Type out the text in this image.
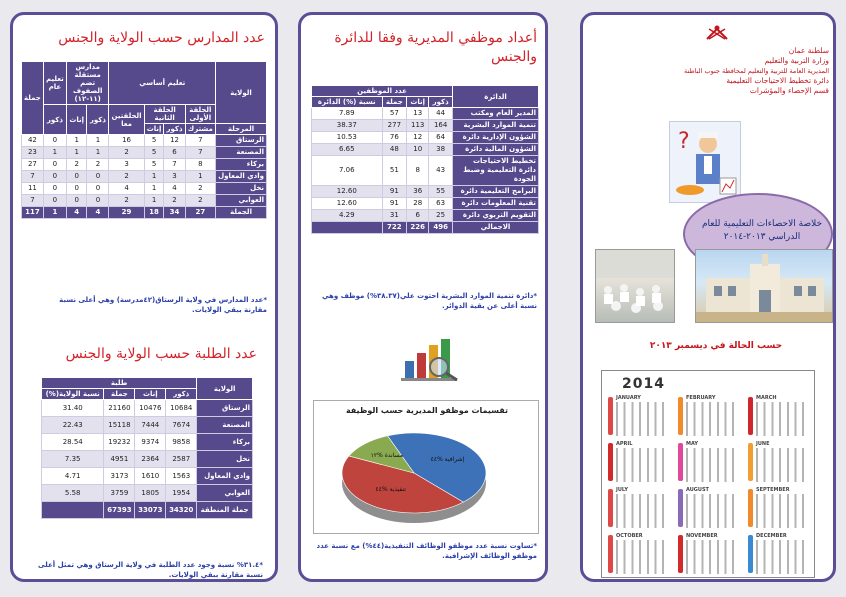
عدد المدارس حسب الولاية والجنس
الولاية	تعليم أساسي				مدارس مستقلة تضم الصفوف (١١-١٢)		تعليم عام	جملة
	الحلقة الأولى	الحلقة الثانية		الحلقتين معا	ذكور	إناث	ذكور	
المرحلة	مشترك	ذكور	إناث					
الرستاق	7	12	5	16	1	1	0	42
المصنعة	7	6	5	2	1	1	1	23
بركاء	8	7	5	3	2	2	0	27
وادي المعاول	1	3	1	2	0	0	0	7
نخل	2	4	1	4	0	0	0	11
العوابي	2	2	1	2	0	0	0	7
الجملة	27	34	18	29	4	4	1	117
*عدد المدارس في ولاية الرستاق(٤٢مدرسة) وهي أعلى نسبة مقارنة ببقي الولايات.
عدد الطلبة حسب الولاية والجنس
الولاية	طلبة			
	ذكور	إناث	جملة	نسبة الولاية(%)
الرستاق	10684	10476	21160	31.40
المصنعة	7674	7444	15118	22.43
بركاء	9858	9374	19232	28.54
نخل	2587	2364	4951	7.35
وادي المعاول	1563	1610	3173	4.71
العوابي	1954	1805	3759	5.58
جملة المنطقة	34320	33073	67393	
*٣١.٤% نسبة وجود عدد الطلبة في ولاية الرستاق وهي تمثل أعلى نسبة مقارنة ببقي الولايات.
أعداد موظفي المديرية وفقا للدائرة والجنس
الدائرة	عدد الموظفين			
	ذكور	إناث	جملة	نسبة (%) الدائرة
المدير العام ومكتب	44	13	57	7.89
تنمية الموارد البشرية	164	113	277	38.37
الشؤون الإدارية دائرة	64	12	76	10.53
الشؤون المالية دائرة	38	10	48	6.65
تخطيط الاحتياجات دائرة التعليمية وضبط الجودة	43	8	51	7.06
البرامج التعليمية دائرة	55	36	91	12.60
تقنية المعلومات دائرة	63	28	91	12.60
التقويم التربوي دائرة	25	6	31	4.29
الاجمالي	496	226	722	
*دائرة تنمية الموارد البشرية احتوت علي(٣٨.٣٧%) موظف وهي نسبة أعلى عن بقية الدوائر.
تقسيمات موظفو المديرية حسب الوظيفة
إشرافية %٤٤
تنفيذية %٤٤
مساندة %١٢
*تساوت نسبة عدد موظفو الوظائف التنفيذية(٤٤%) مع نسبة عدد موظفو الوظائف الإشرافية.
سلطنة عمان
وزارة التربية والتعليم
المديرية العامة للتربية والتعليم لمحافظة جنوب الباطنة
دائرة تخطيط الاحتياجات التعليمية
قسم الإحصاء والمؤشرات
?
خلاصة الاحصاءات التعليمية للعام الدراسي ٢٠١٣-٢٠١٤
حسب الحالة في ديسمبر ٢٠١٣
2014
JANUARY	FEBRUARY	MARCH
APRIL	MAY	JUNE
JULY	AUGUST	SEPTEMBER
OCTOBER	NOVEMBER	DECEMBER
